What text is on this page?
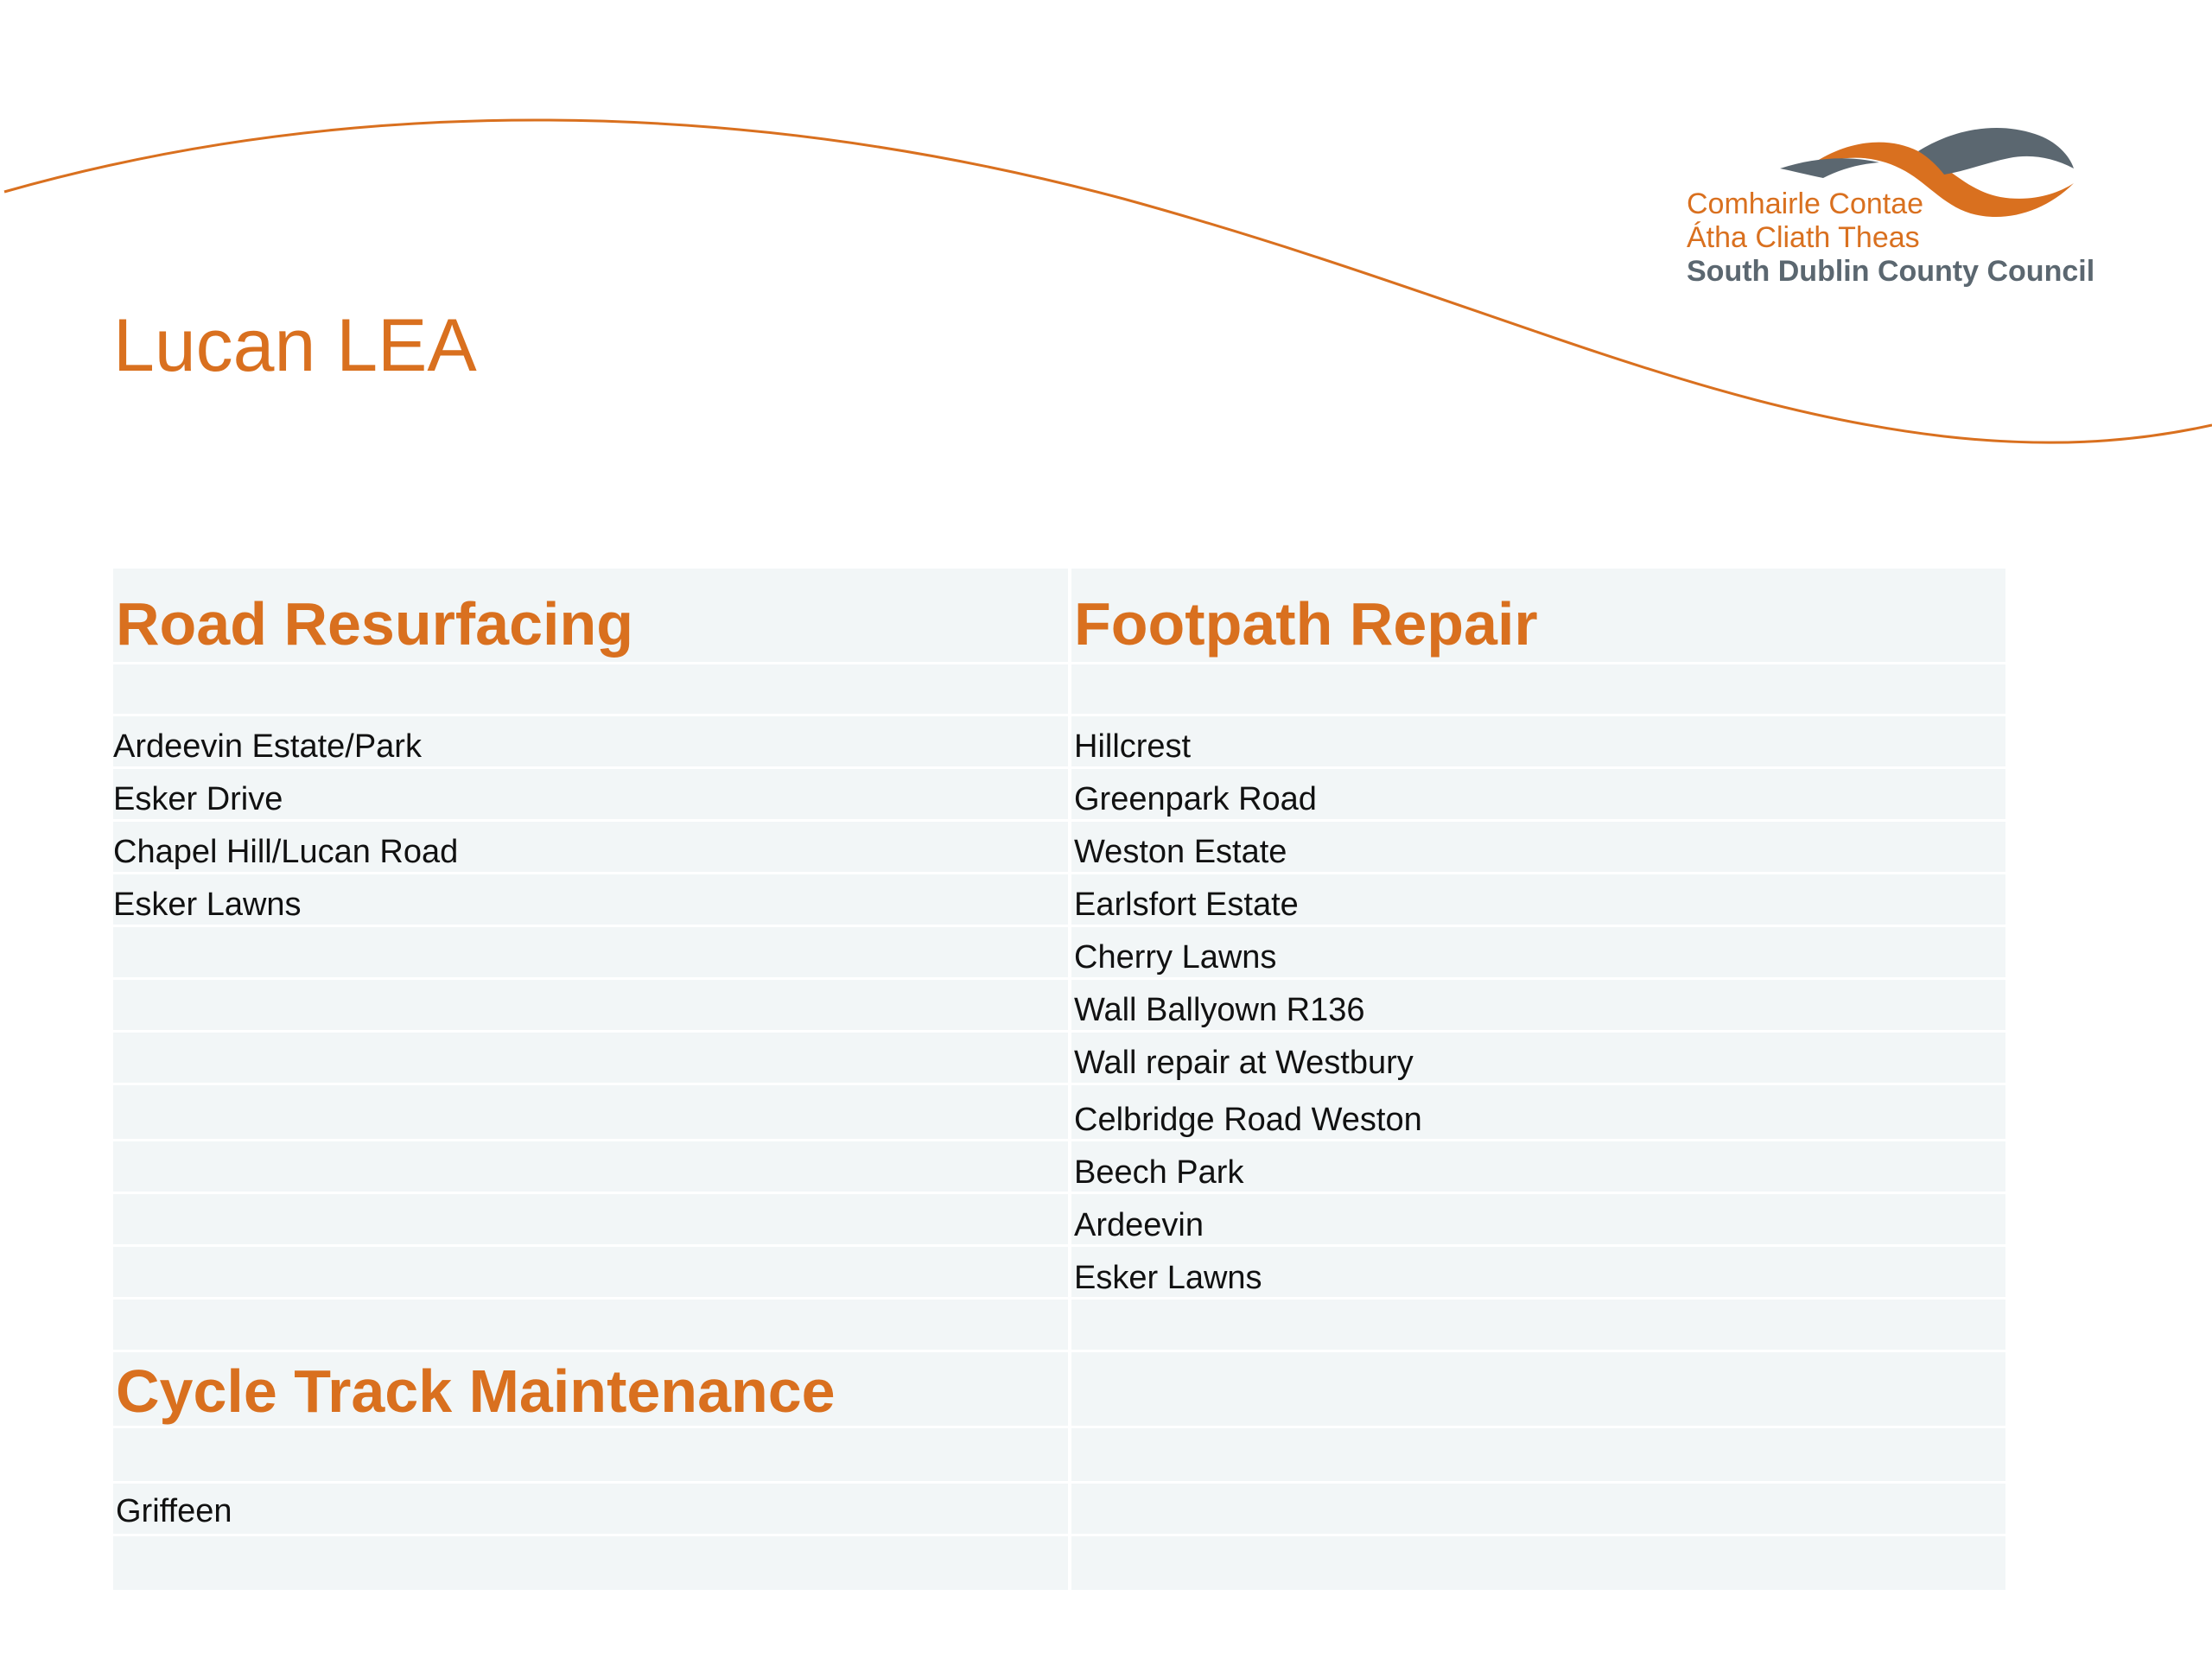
Comhairle Contae
Átha Cliath Theas
South Dublin County Council
Lucan LEA
Road Resurfacing
Ardeevin Estate/Park
Esker Drive
Chapel Hill/Lucan Road
Esker Lawns
Footpath Repair
Hillcrest
Greenpark Road
Weston Estate
Earlsfort Estate
Cherry Lawns
Wall Ballyown R136
Wall repair at Westbury
Celbridge Road Weston
Beech Park
Ardeevin
Esker Lawns
Cycle Track Maintenance
Griffeen
